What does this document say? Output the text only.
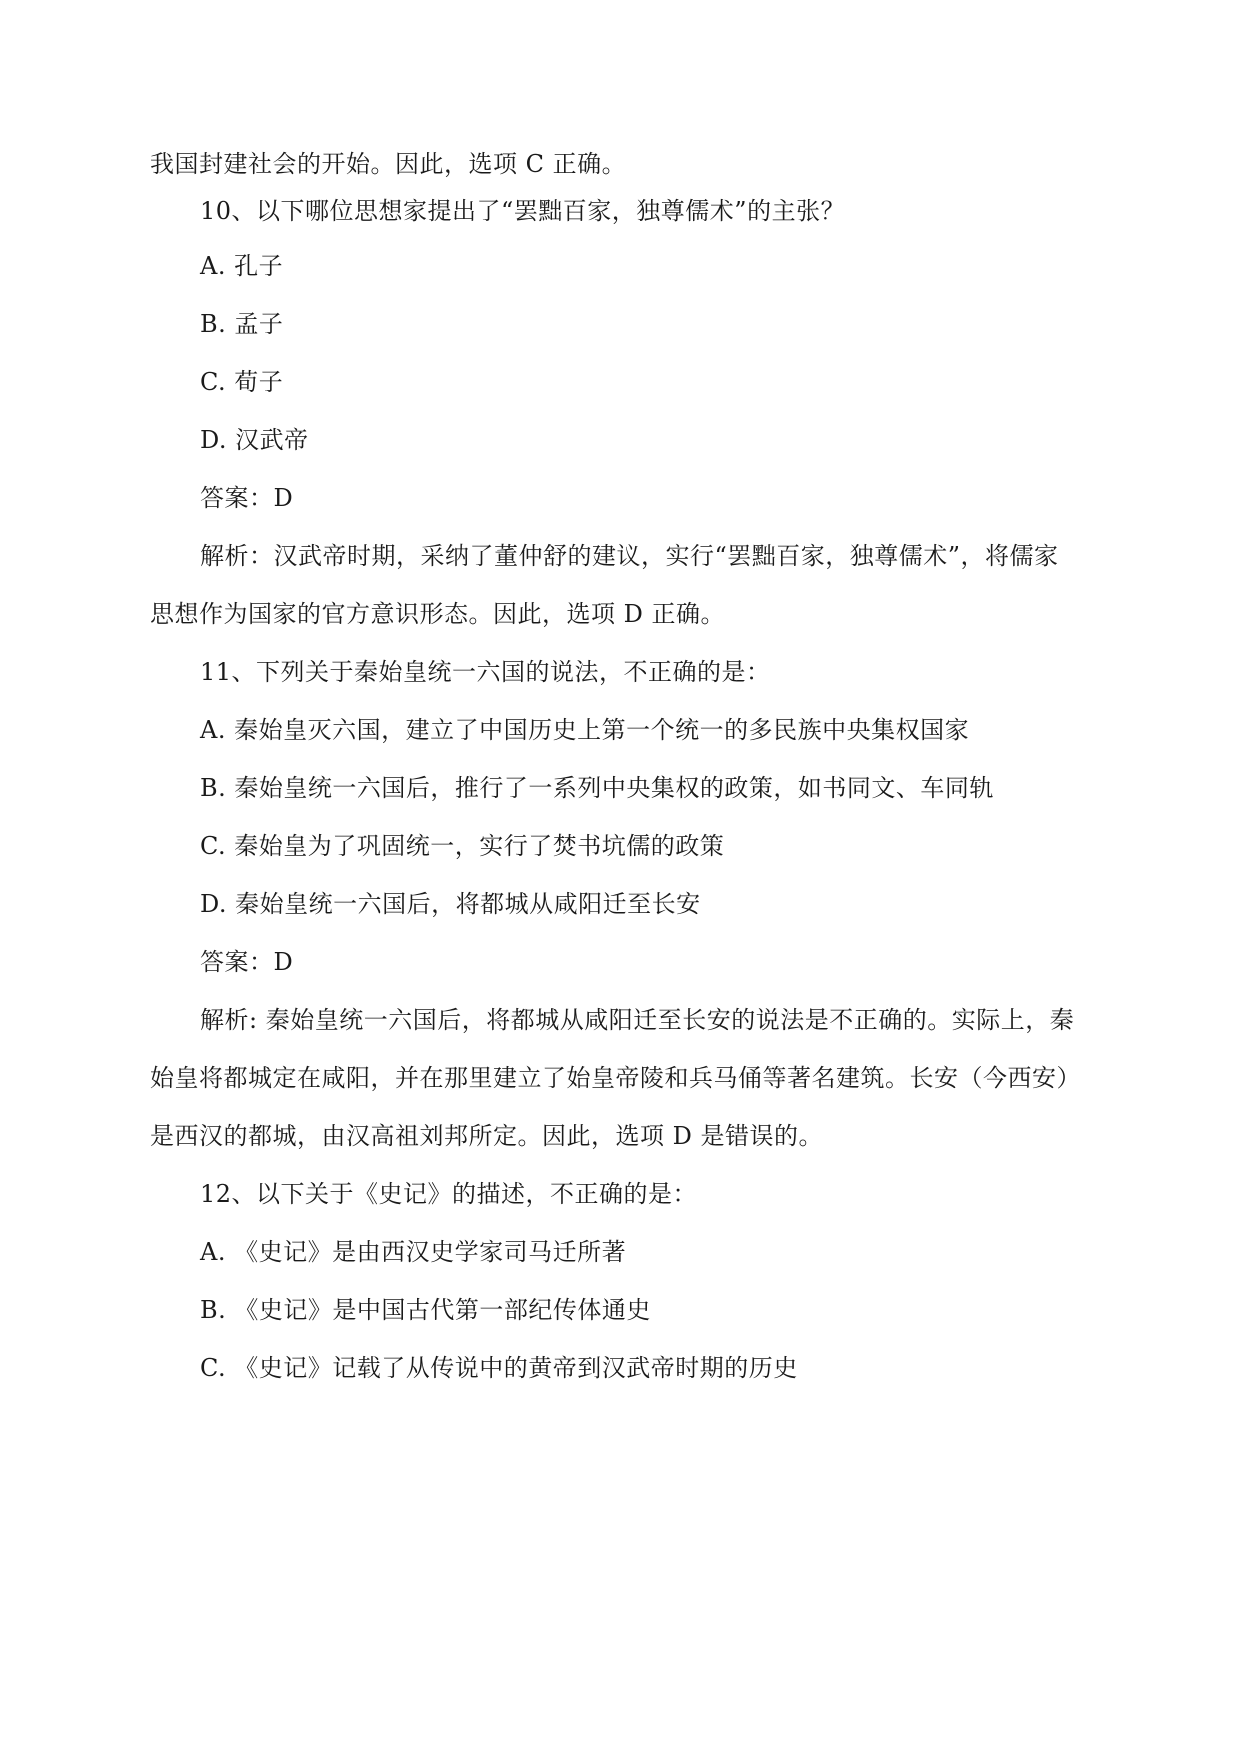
我国封建社会的开始。因此，选项 C 正确。
10、以下哪位思想家提出了“罢黜百家，独尊儒术”的主张？
A. 孔子
B. 孟子
C. 荀子
D. 汉武帝
答案：D
解析：汉武帝时期，采纳了董仲舒的建议，实行“罢黜百家，独尊儒术”，将儒家
思想作为国家的官方意识形态。因此，选项 D 正确。
11、下列关于秦始皇统一六国的说法，不正确的是：
A. 秦始皇灭六国，建立了中国历史上第一个统一的多民族中央集权国家
B. 秦始皇统一六国后，推行了一系列中央集权的政策，如书同文、车同轨
C. 秦始皇为了巩固统一，实行了焚书坑儒的政策
D. 秦始皇统一六国后，将都城从咸阳迁至长安
答案：D
解析: 秦始皇统一六国后，将都城从咸阳迁至长安的说法是不正确的。实际上，秦
始皇将都城定在咸阳，并在那里建立了始皇帝陵和兵马俑等著名建筑。长安（今西安）
是西汉的都城，由汉高祖刘邦所定。因此，选项 D 是错误的。
12、以下关于《史记》的描述，不正确的是：
A. 《史记》是由西汉史学家司马迁所著
B. 《史记》是中国古代第一部纪传体通史
C. 《史记》记载了从传说中的黄帝到汉武帝时期的历史
